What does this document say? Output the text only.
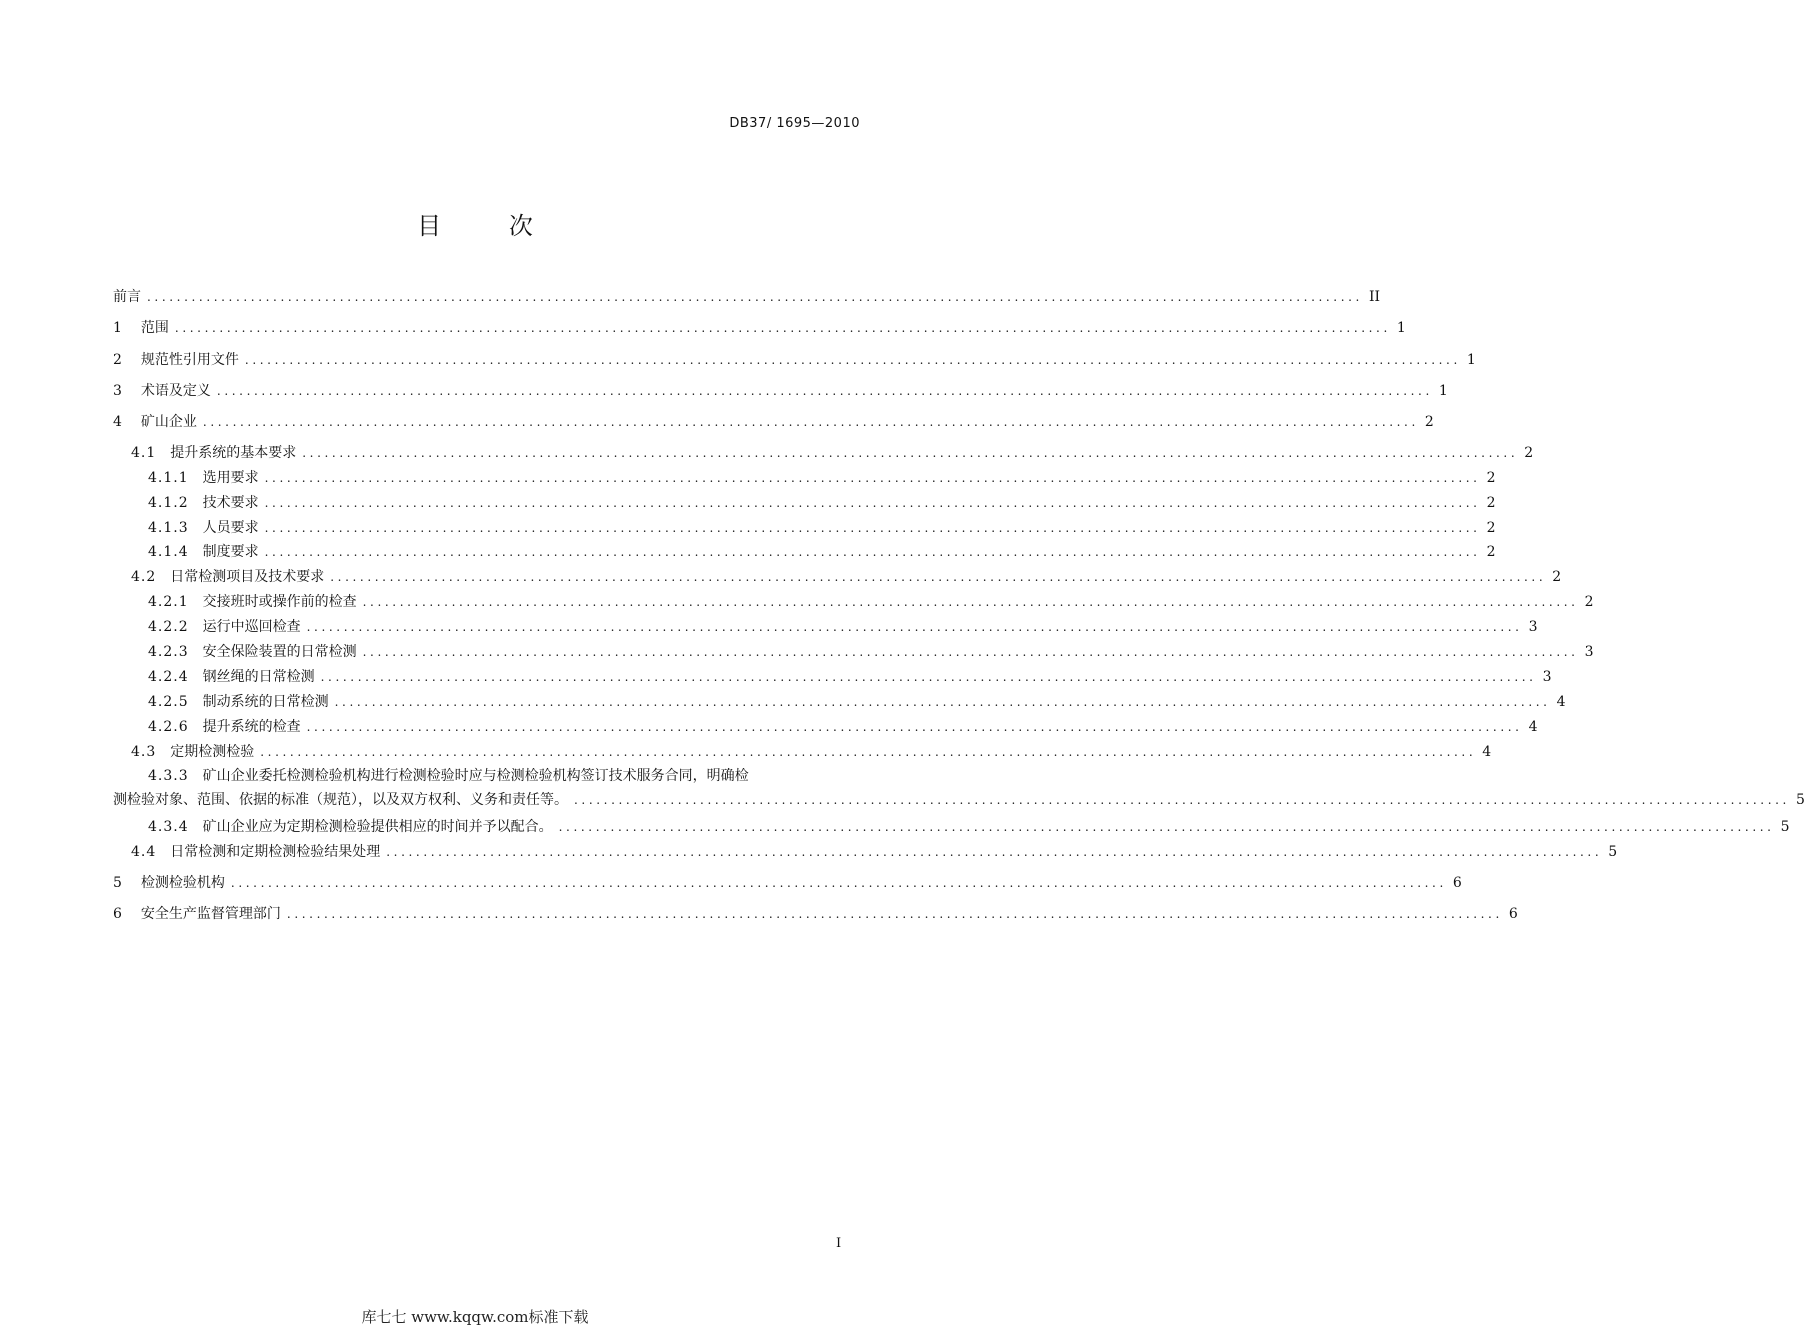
DB37/ 1695—2010
目	次
前言 .................................................................................................................................................................... II
1 范围 .................................................................................................................................................................... 1
2 规范性引用文件 .................................................................................................................................................................... 1
3 术语及定义 .................................................................................................................................................................... 1
4 矿山企业 .................................................................................................................................................................... 2
4.1 提升系统的基本要求 .................................................................................................................................................................... 2
4.1.1 选用要求 .................................................................................................................................................................... 2
4.1.2 技术要求 .................................................................................................................................................................... 2
4.1.3 人员要求 .................................................................................................................................................................... 2
4.1.4 制度要求 .................................................................................................................................................................... 2
4.2 日常检测项目及技术要求 .................................................................................................................................................................... 2
4.2.1 交接班时或操作前的检查 .................................................................................................................................................................... 2
4.2.2 运行中巡回检查 .................................................................................................................................................................... 3
4.2.3 安全保险装置的日常检测 .................................................................................................................................................................... 3
4.2.4 钢丝绳的日常检测 .................................................................................................................................................................... 3
4.2.5 制动系统的日常检测 .................................................................................................................................................................... 4
4.2.6 提升系统的检查 .................................................................................................................................................................... 4
4.3 定期检测检验 .................................................................................................................................................................... 4
4.3.3 矿山企业委托检测检验机构进行检测检验时应与检测检验机构签订技术服务合同，明确检
测检验对象、范围、依据的标准（规范），以及双方权利、义务和责任等。 .................................................................................................................................................................... 5
4.3.4 矿山企业应为定期检测检验提供相应的时间并予以配合。 .................................................................................................................................................................... 5
4.4 日常检测和定期检测检验结果处理 .................................................................................................................................................................... 5
5 检测检验机构 .................................................................................................................................................................... 6
6 安全生产监督管理部门 .................................................................................................................................................................... 6
I
库七七 www.kqqw.com标准下载
